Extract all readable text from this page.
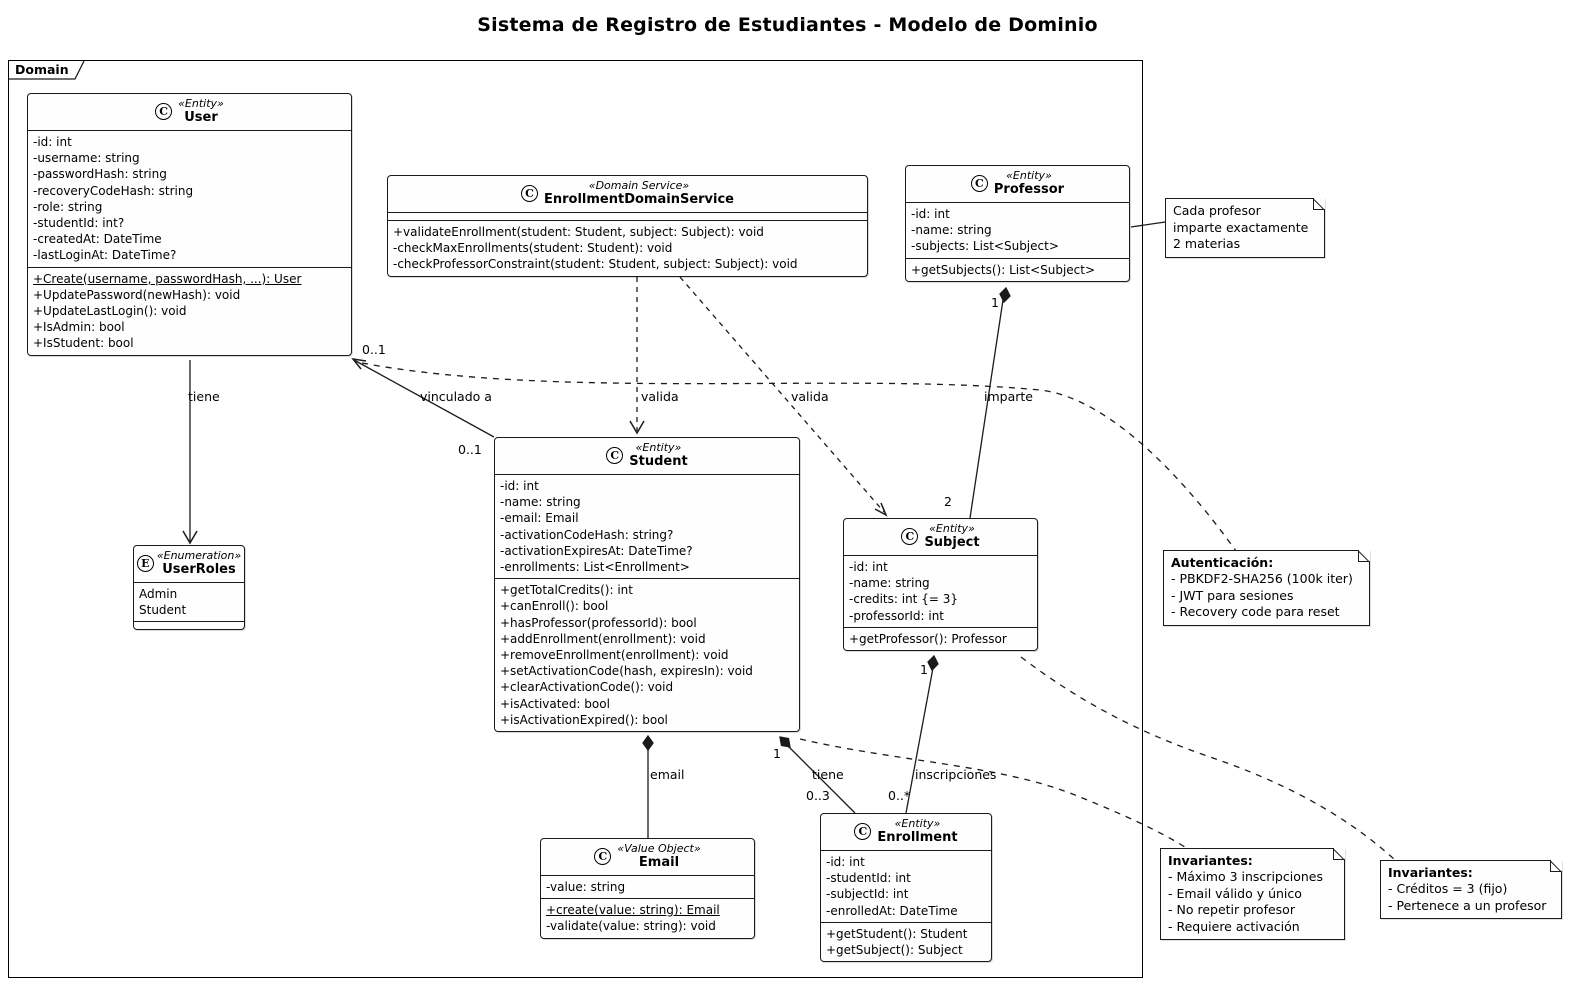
Sistema de Registro de Estudiantes - Modelo de Dominio
Domain
C
«Entity»
User
-id: int
-username: string
-passwordHash: string
-recoveryCodeHash: string
-role: string
-studentId: int?
-createdAt: DateTime
-lastLoginAt: DateTime?
+Create(username, passwordHash, ...): User
+UpdatePassword(newHash): void
+UpdateLastLogin(): void
+IsAdmin: bool
+IsStudent: bool
C
«Domain Service»
EnrollmentDomainService
+validateEnrollment(student: Student, subject: Subject): void
-checkMaxEnrollments(student: Student): void
-checkProfessorConstraint(student: Student, subject: Subject): void
C
«Entity»
Professor
-id: int
-name: string
-subjects: List<Subject>
+getSubjects(): List<Subject>
C
«Entity»
Student
-id: int
-name: string
-email: Email
-activationCodeHash: string?
-activationExpiresAt: DateTime?
-enrollments: List<Enrollment>
+getTotalCredits(): int
+canEnroll(): bool
+hasProfessor(professorId): bool
+addEnrollment(enrollment): void
+removeEnrollment(enrollment): void
+setActivationCode(hash, expiresIn): void
+clearActivationCode(): void
+isActivated: bool
+isActivationExpired(): bool
C
«Entity»
Subject
-id: int
-name: string
-credits: int {= 3}
-professorId: int
+getProfessor(): Professor
E
«Enumeration»
UserRoles
Admin
Student
C
«Value Object»
Email
-value: string
+create(value: string): Email
-validate(value: string): void
C
«Entity»
Enrollment
-id: int
-studentId: int
-subjectId: int
-enrolledAt: DateTime
+getStudent(): Student
+getSubject(): Subject
Cada profesor
imparte exactamente
2 materias
Autenticación:
- PBKDF2-SHA256 (100k iter)
- JWT para sesiones
- Recovery code para reset
Invariantes:
- Máximo 3 inscripciones
- Email válido y único
- No repetir profesor
- Requiere activación
Invariantes:
- Créditos = 3 (fijo)
- Pertenece a un profesor
tiene
0..1
vinculado a
0..1
valida	valida	imparte
1
2
email
1
tiene
0..3
inscripciones
0..*
1
